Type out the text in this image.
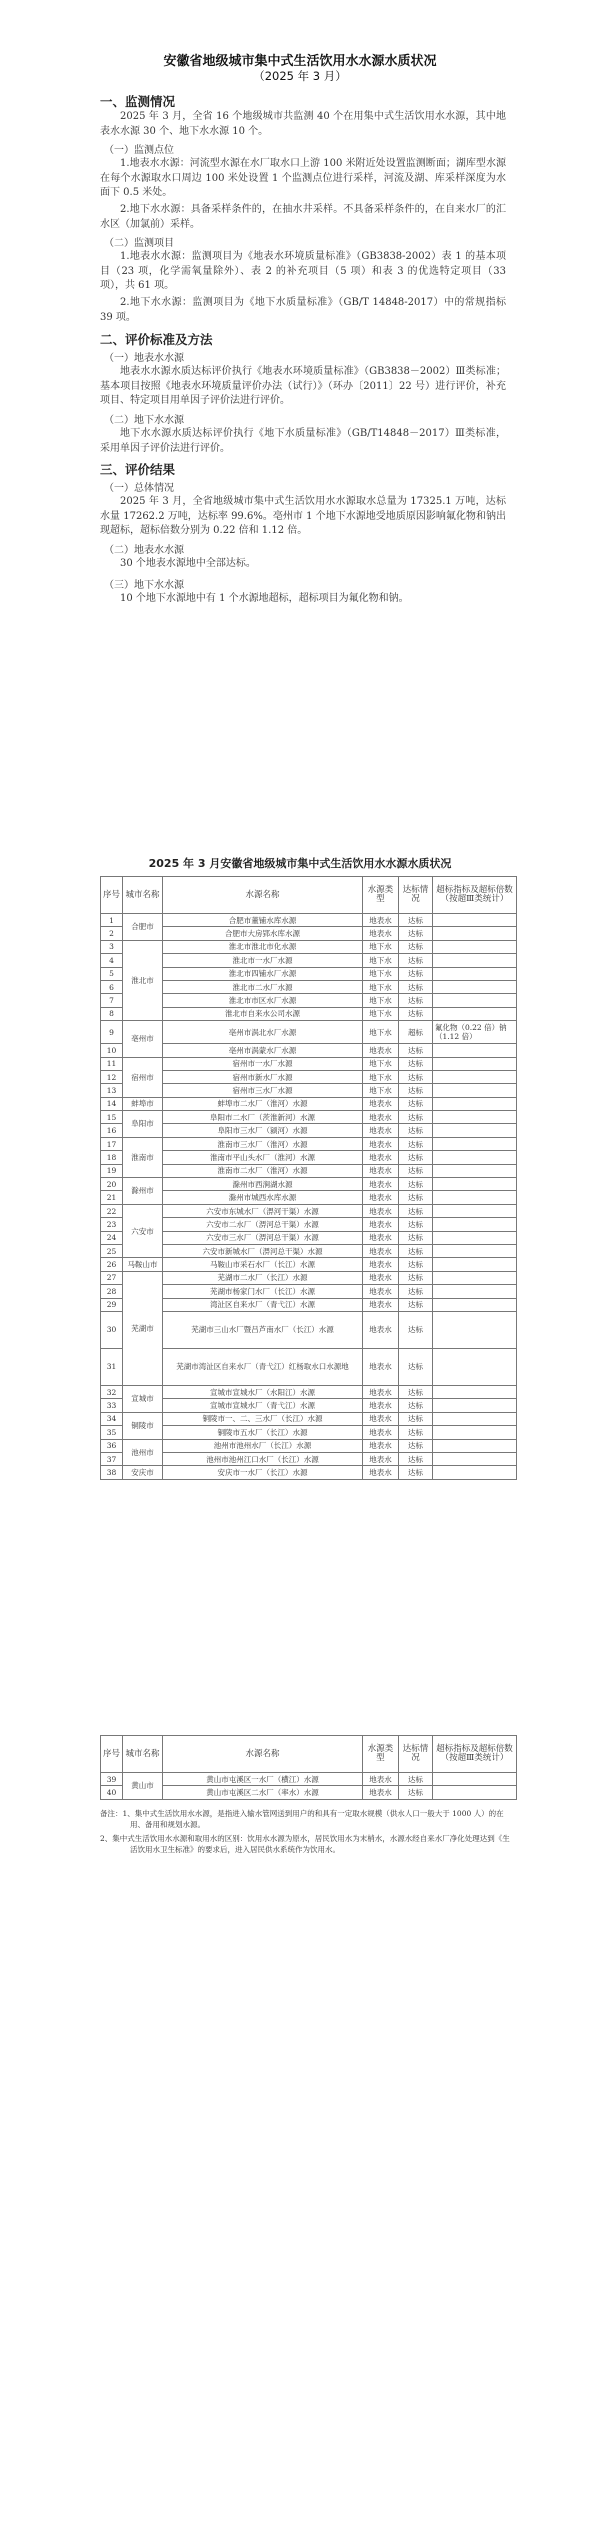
安徽省地级城市集中式生活饮用水水源水质状况
（2025 年 3 月）
一、监测情况
2025 年 3 月，全省 16 个地级城市共监测 40 个在用集中式生活饮用水水源，其中地表水水源 30 个、地下水水源 10 个。
（一）监测点位
1.地表水水源：河流型水源在水厂取水口上游 100 米附近处设置监测断面；湖库型水源在每个水源取水口周边 100 米处设置 1 个监测点位进行采样，河流及湖、库采样深度为水面下 0.5 米处。
2.地下水水源：具备采样条件的，在抽水井采样。不具备采样条件的，在自来水厂的汇水区（加氯前）采样。
（二）监测项目
1.地表水水源：监测项目为《地表水环境质量标准》（GB3838-2002）表 1 的基本项目（23 项，化学需氧量除外）、表 2 的补充项目（5 项）和表 3 的优选特定项目（33 项），共 61 项。
2.地下水水源：监测项目为《地下水质量标准》（GB/T 14848-2017）中的常规指标 39 项。
二、评价标准及方法
（一）地表水水源
地表水水源水质达标评价执行《地表水环境质量标准》（GB3838－2002）Ⅲ类标准；基本项目按照《地表水环境质量评价办法（试行）》（环办〔2011〕22 号）进行评价，补充项目、特定项目用单因子评价法进行评价。
（二）地下水水源
地下水水源水质达标评价执行《地下水质量标准》（GB/T14848－2017）Ⅲ类标准，采用单因子评价法进行评价。
三、评价结果
（一）总体情况
2025 年 3 月，全省地级城市集中式生活饮用水水源取水总量为 17325.1 万吨，达标水量 17262.2 万吨，达标率 99.6%。亳州市 1 个地下水源地受地质原因影响氟化物和钠出现超标，超标倍数分别为 0.22 倍和 1.12 倍。
（二）地表水水源
30 个地表水源地中全部达标。
（三）地下水水源
10 个地下水源地中有 1 个水源地超标，超标项目为氟化物和钠。
2025 年 3 月安徽省地级城市集中式生活饮用水水源水质状况
序号	城市名称	水源名称	水源类型	达标情况	超标指标及超标倍数（按超Ⅲ类统计）
1	合肥市	合肥市董铺水库水源	地表水	达标	
2		合肥市大房郢水库水源	地表水	达标	
3	淮北市	淮北市淮北市化水源	地下水	达标	
4		淮北市一水厂水源	地下水	达标	
5		淮北市四铺水厂水源	地下水	达标	
6		淮北市二水厂水源	地下水	达标	
7		淮北市市区水厂水源	地下水	达标	
8		淮北市自来水公司水源	地下水	达标	
9	亳州市	亳州市涡北水厂水源	地下水	超标	氟化物（0.22 倍）钠（1.12 倍）
10		亳州市涡蒙水厂水源	地表水	达标	
11	宿州市	宿州市一水厂水源	地下水	达标	
12		宿州市新水厂水源	地下水	达标	
13		宿州市三水厂水源	地下水	达标	
14	蚌埠市	蚌埠市二水厂（淮河）水源	地表水	达标	
15	阜阳市	阜阳市二水厂（茨淮新河）水源	地表水	达标	
16		阜阳市三水厂（颍河）水源	地表水	达标	
17	淮南市	淮南市三水厂（淮河）水源	地表水	达标	
18		淮南市平山头水厂（淮河）水源	地表水	达标	
19		淮南市二水厂（淮河）水源	地表水	达标	
20	滁州市	滁州市西涧湖水源	地表水	达标	
21		滁州市城西水库水源	地表水	达标	
22	六安市	六安市东城水厂（淠河干渠）水源	地表水	达标	
23		六安市二水厂（淠河总干渠）水源	地表水	达标	
24		六安市三水厂（淠河总干渠）水源	地表水	达标	
25		六安市新城水厂（淠河总干渠）水源	地表水	达标	
26	马鞍山市	马鞍山市采石水厂（长江）水源	地表水	达标	
27	芜湖市	芜湖市二水厂（长江）水源	地表水	达标	
28		芜湖市杨家门水厂（长江）水源	地表水	达标	
29		湾沚区自来水厂（青弋江）水源	地表水	达标	
30		芜湖市三山水厂暨吕芦南水厂（长江）水源	地表水	达标	
31		芜湖市湾沚区自来水厂（青弋江）红杨取水口水源地	地表水	达标	
32	宣城市	宣城市宣城水厂（水阳江）水源	地表水	达标	
33		宣城市宣城水厂（青弋江）水源	地表水	达标	
34	铜陵市	铜陵市一、二、三水厂（长江）水源	地表水	达标	
35		铜陵市五水厂（长江）水源	地表水	达标	
36	池州市	池州市池州水厂（长江）水源	地表水	达标	
37		池州市池州江口水厂（长江）水源	地表水	达标	
38	安庆市	安庆市一水厂（长江）水源	地表水	达标	
序号	城市名称	水源名称	水源类型	达标情况	超标指标及超标倍数（按超Ⅲ类统计）
39	黄山市	黄山市屯溪区一水厂（横江）水源	地表水	达标	
40		黄山市屯溪区二水厂（率水）水源	地表水	达标	
备注：1、集中式生活饮用水水源，是指进入输水管网送到用户的和具有一定取水规模（供水人口一般大于 1000 人）的在用、备用和规划水源。
2、集中式生活饮用水水源和取用水的区别：饮用水水源为原水，居民饮用水为末梢水，水源水经自来水厂净化处理达到《生活饮用水卫生标准》的要求后，进入居民供水系统作为饮用水。
